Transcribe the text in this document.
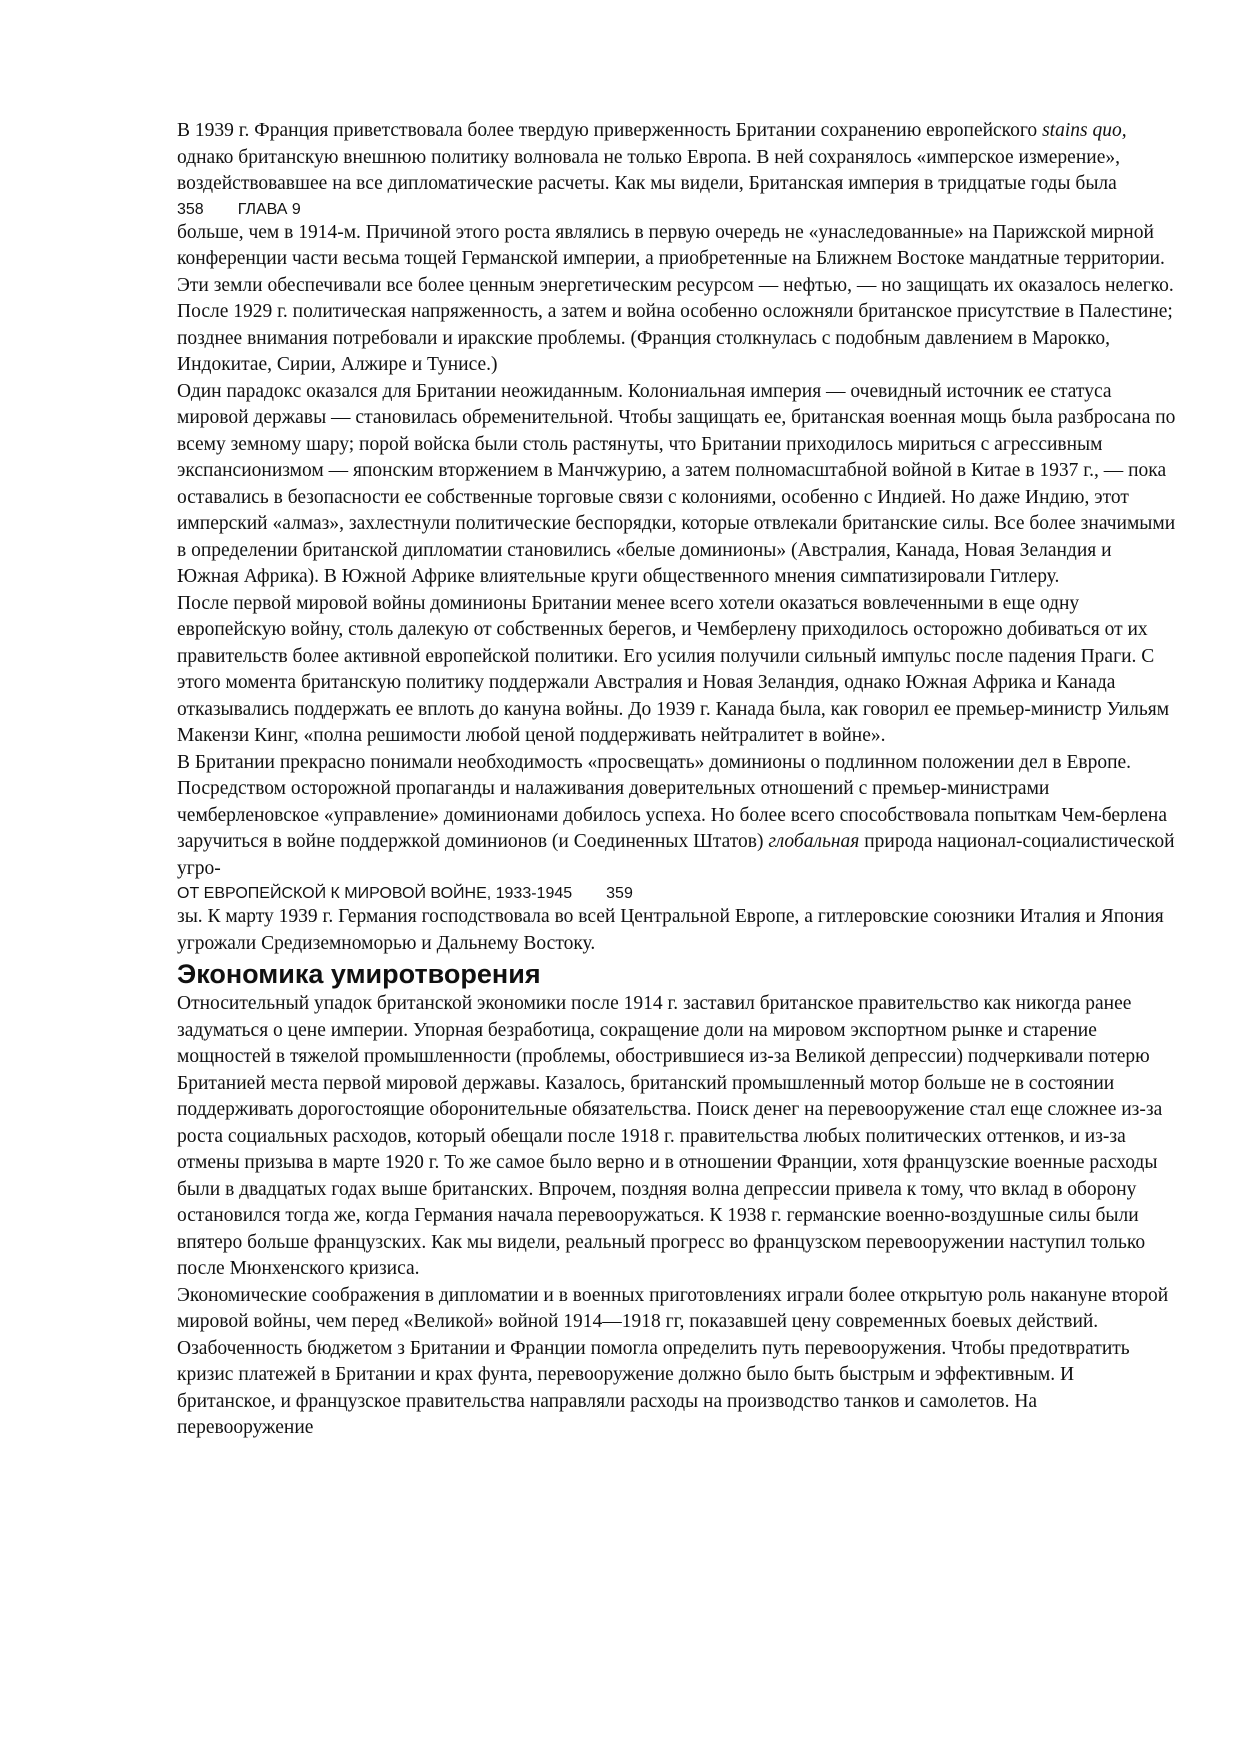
В 1939 г. Франция приветствовала более твердую приверженность Британии сохранению европейского stains quo, однако британскую внешнюю политику волновала не только Европа. В ней сохранялось «имперское измерение», воздействовавшее на все дипломатические расчеты. Как мы видели, Британская империя в тридцатые годы была

358 ГЛАВА 9

больше, чем в 1914-м. Причиной этого роста являлись в первую очередь не «унаследованные» на Парижской мирной конференции части весьма тощей Германской империи, а приобретенные на Ближнем Востоке мандатные территории. Эти земли обеспечивали все более ценным энергетическим ресурсом — нефтью, — но защищать их оказалось нелегко. После 1929 г. политическая напряженность, а затем и война особенно осложняли британское присутствие в Палестине; позднее внимания потребовали и иракские проблемы. (Франция столкнулась с подобным давлением в Марокко, Индокитае, Сирии, Алжире и Тунисе.)

Один парадокс оказался для Британии неожиданным. Колониальная империя — очевидный источник ее статуса мировой державы — становилась обременительной. Чтобы защищать ее, британская военная мощь была разбросана по всему земному шару; порой войска были столь растянуты, что Британии приходилось мириться с агрессивным экспансионизмом — японским вторжением в Манчжурию, а затем полномасштабной войной в Китае в 1937 г., — пока оставались в безопасности ее собственные торговые связи с колониями, особенно с Индией. Но даже Индию, этот имперский «алмаз», захлестнули политические беспорядки, которые отвлекали британские силы. Все более значимыми в определении британской дипломатии становились «белые доминионы» (Австралия, Канада, Новая Зеландия и Южная Африка). В Южной Африке влиятельные круги общественного мнения симпатизировали Гитлеру.

После первой мировой войны доминионы Британии менее всего хотели оказаться вовлеченными в еще одну европейскую войну, столь далекую от собственных берегов, и Чемберлену приходилось осторожно добиваться от их правительств более активной европейской политики. Его усилия получили сильный импульс после падения Праги. С этого момента британскую политику поддержали Австралия и Новая Зеландия, однако Южная Африка и Канада отказывались поддержать ее вплоть до кануна войны. До 1939 г. Канада была, как говорил ее премьер-министр Уильям Макензи Кинг, «полна решимости любой ценой поддерживать нейтралитет в войне».

В Британии прекрасно понимали необходимость «просвещать» доминионы о подлинном положении дел в Европе. Посредством осторожной пропаганды и налаживания доверительных отношений с премьер-министрами чемберленовское «управление» доминионами добилось успеха. Но более всего способствовала попыткам Чем-берлена заручиться в войне поддержкой доминионов (и Соединенных Штатов) глобальная природа национал-социалистической угро-

ОТ ЕВРОПЕЙСКОЙ К МИРОВОЙ ВОЙНЕ, 1933-1945 359

зы. К марту 1939 г. Германия господствовала во всей Центральной Европе, а гитлеровские союзники Италия и Япония угрожали Средиземноморью и Дальнему Востоку.

Экономика умиротворения

Относительный упадок британской экономики после 1914 г. заставил британское правительство как никогда ранее задуматься о цене империи. Упорная безработица, сокращение доли на мировом экспортном рынке и старение мощностей в тяжелой промышленности (проблемы, обострившиеся из-за Великой депрессии) подчеркивали потерю Британией места первой мировой державы. Казалось, британский промышленный мотор больше не в состоянии поддерживать дорогостоящие оборонительные обязательства. Поиск денег на перевооружение стал еще сложнее из-за роста социальных расходов, который обещали после 1918 г. правительства любых политических оттенков, и из-за отмены призыва в марте 1920 г. То же самое было верно и в отношении Франции, хотя французские военные расходы были в двадцатых годах выше британских. Впрочем, поздняя волна депрессии привела к тому, что вклад в оборону остановился тогда же, когда Германия начала перевооружаться. К 1938 г. германские военно-воздушные силы были впятеро больше французских. Как мы видели, реальный прогресс во французском перевооружении наступил только после Мюнхенского кризиса.

Экономические соображения в дипломатии и в военных приготовлениях играли более открытую роль накануне второй мировой войны, чем перед «Великой» войной 1914—1918 гг, показавшей цену современных боевых действий. Озабоченность бюджетом з Британии и Франции помогла определить путь перевооружения. Чтобы предотвратить кризис платежей в Британии и крах фунта, перевооружение должно было быть быстрым и эффективным. И британское, и французское правительства направляли расходы на производство танков и самолетов. На перевооружение
